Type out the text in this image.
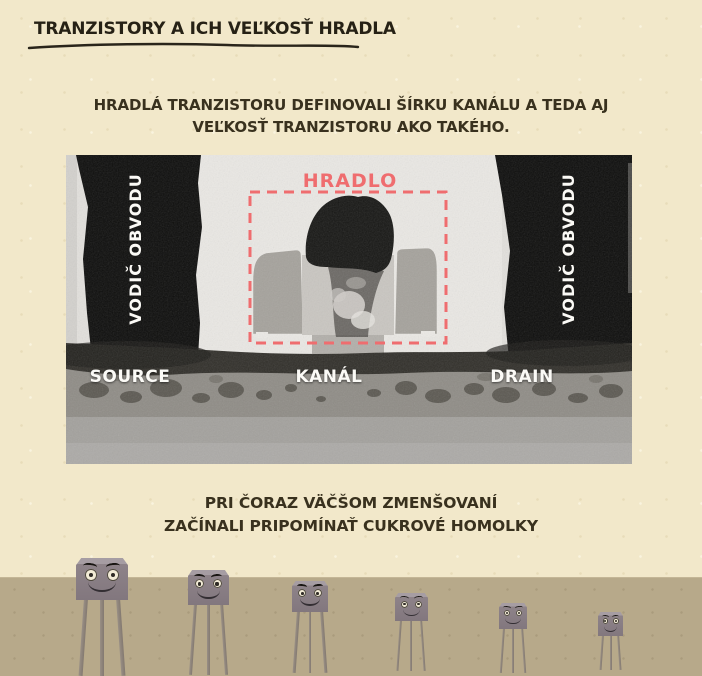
TRANZISTORY A ICH VEĽKOSŤ HRADLA

HRADLÁ TRANZISTORU DEFINOVALI ŠÍRKU KANÁLU A TEDA AJ
VEĽKOSŤ TRANZISTORU AKO TAKÉHO.

HRADLO
VODIČ OBVODU	VODIČ OBVODU
SOURCE	KANÁL	DRAIN

PRI ČORAZ VÄČŠOM ZMENŠOVANÍ
ZAČÍNALI PRIPOMÍNAŤ CUKROVÉ HOMOLKY
